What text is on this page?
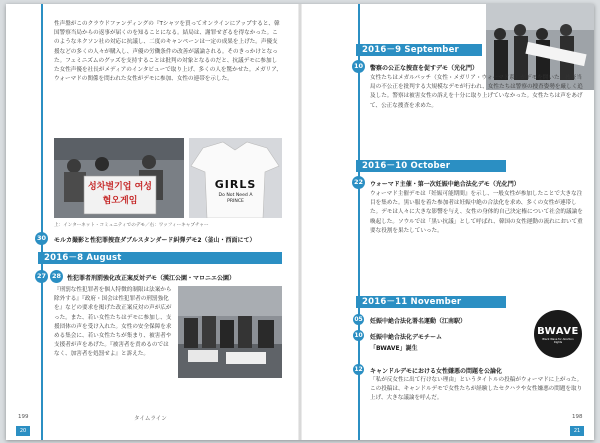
性声盤がこのクラウドファンディングの『Tシャツを買ってオンラインにアップすると、韓国警察当局からの返事が届くのを知ることになる。結局は、謝罪せざるを得なかった。このようなネクソン社の対応に抗議し、二度のキャンペーンは一定の成果を上げた。声優支援などの多くの人々が購入し、声優の労働条件の改善が議論される。そのきっかけとなった。フェミニズムのグッズを支持することは批判の対象となるのだと、抗議デモに参加した女性声優を社長がメディアのインタビューで取り上げ、多くの人を驚かせた。メガリア、ウォーマドの関係を問われた女性がデモに参加、女性の連帯を示した。
성차별기업 여성혐오게임
GIRLS
Do Not Need A PRINCE
上：インターネット・コミュニティでのデモ／右：ワッフィーキャプチャー
30	モルカ撮影と性犯罪捜査ダブルスタンダード糾弾デモ2（釜山・西面にて）
2016－8 August
27 28 性犯罪者刑罰強化改正案反対デモ（漢江公園・マロニエ公園）
『刑罰な性犯罪者を個人特徴的制限は法案から除外する』『政府・国会は性犯罪者の刑罰強化を』などの要求を掲げた改正案反対の声が広がった。また、若い女性たちはデモに参加し、支援団体の声を受け入れた。女性の安全保障を求める集会に、若い女性たちが集まり、被害者や支援者が声をあげた。『被害者を責めるのではなく、加害者を処罰せよ』と訴えた。
199	タイムライン
20
2016－9 September
10	警察の公正な捜査を促すデモ（光化門）
女性たちはメガルパッチ（女性・メガリア・ウォーマド系）がデモを開いた。捜査当局の不公正を批判する大規模なデモが行われ、女性たちは警察の捜査姿勢を厳しく追及した。警察は被害女性の訴えを十分に取り上げていなかった。女性たちは声をあげて、公正な捜査を求めた。
2016－10 October
22	ウォーマド主催・第一次妊娠中絶合法化デモ（光化門）
ウォーマド主催デモは『妊娠可能期間』を示し、一般女性が参加したことで大きな注目を集めた。黒い服を着た参加者は妊娠中絶の合法化を求め、多くの女性が連帯した。デモは人々に大きな影響を与え、女性の身体的自己決定権について社会的議論を喚起した。ソウルでは「黒い抗議」として呼ばれ、韓国の女性運動の流れにおいて重要な役割を果たしていった。
2016－11 November
05 妊娠中絶合法化署名運動（江南駅）
10 妊娠中絶合法化デモチーム
「BWAVE」誕生
BWAVE
Black Wave for Abortion Rights
12 キャンドルデモにおける女性嫌悪の問題を公論化
「私が反女性に出て行けない理由」というタイトルの投稿がウォーマドに上がった。この投稿は、キャンドルデモで女性たちが経験したセクハラや女性嫌悪の問題を取り上げ、大きな議論を呼んだ。
198
21
